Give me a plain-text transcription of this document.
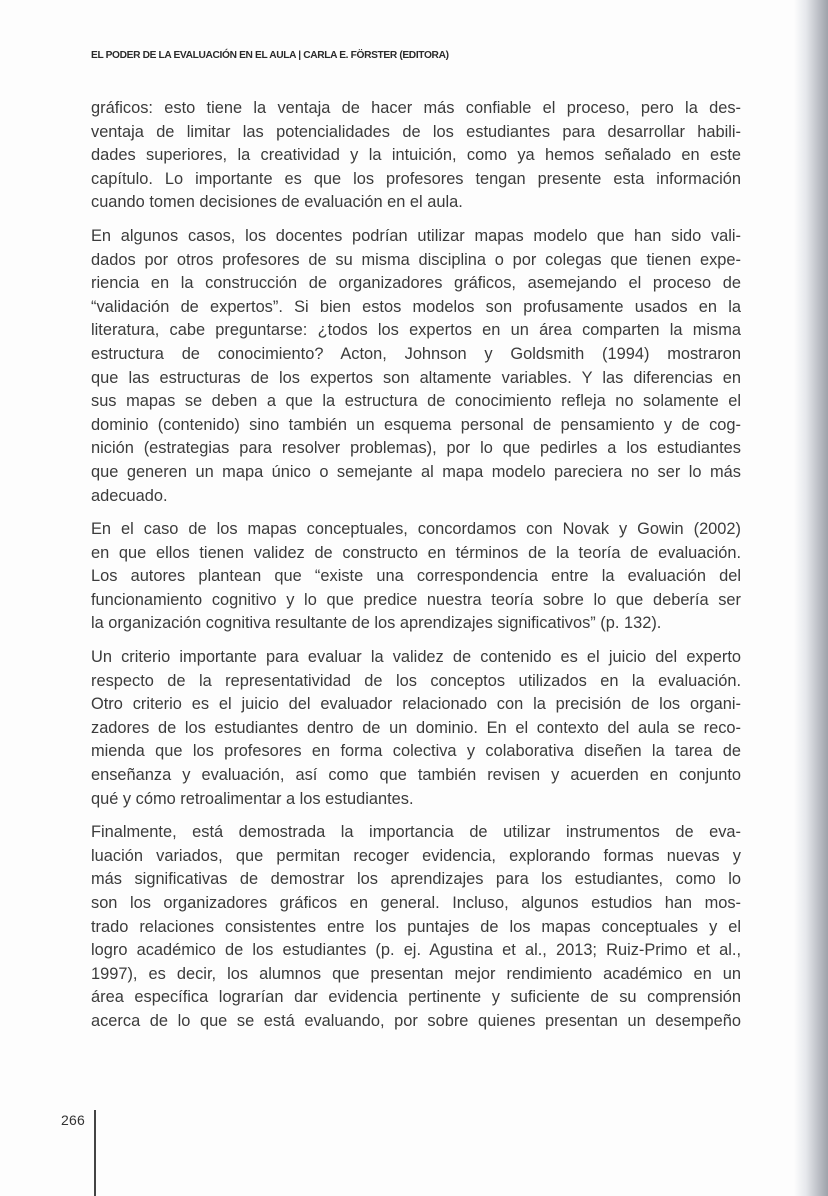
EL PODER DE LA EVALUACIÓN EN EL AULA | CARLA E. FÖRSTER (EDITORA)
gráficos: esto tiene la ventaja de hacer más confiable el proceso, pero la des-
ventaja de limitar las potencialidades de los estudiantes para desarrollar habili-
dades superiores, la creatividad y la intuición, como ya hemos señalado en este
capítulo. Lo importante es que los profesores tengan presente esta información
cuando tomen decisiones de evaluación en el aula.
En algunos casos, los docentes podrían utilizar mapas modelo que han sido vali-
dados por otros profesores de su misma disciplina o por colegas que tienen expe-
riencia en la construcción de organizadores gráficos, asemejando el proceso de
“validación de expertos”. Si bien estos modelos son profusamente usados en la
literatura, cabe preguntarse: ¿todos los expertos en un área comparten la misma
estructura de conocimiento? Acton, Johnson y Goldsmith (1994) mostraron
que las estructuras de los expertos son altamente variables. Y las diferencias en
sus mapas se deben a que la estructura de conocimiento refleja no solamente el
dominio (contenido) sino también un esquema personal de pensamiento y de cog-
nición (estrategias para resolver problemas), por lo que pedirles a los estudiantes
que generen un mapa único o semejante al mapa modelo pareciera no ser lo más
adecuado.
En el caso de los mapas conceptuales, concordamos con Novak y Gowin (2002)
en que ellos tienen validez de constructo en términos de la teoría de evaluación.
Los autores plantean que “existe una correspondencia entre la evaluación del
funcionamiento cognitivo y lo que predice nuestra teoría sobre lo que debería ser
la organización cognitiva resultante de los aprendizajes significativos” (p. 132).
Un criterio importante para evaluar la validez de contenido es el juicio del experto
respecto de la representatividad de los conceptos utilizados en la evaluación.
Otro criterio es el juicio del evaluador relacionado con la precisión de los organi-
zadores de los estudiantes dentro de un dominio. En el contexto del aula se reco-
mienda que los profesores en forma colectiva y colaborativa diseñen la tarea de
enseñanza y evaluación, así como que también revisen y acuerden en conjunto
qué y cómo retroalimentar a los estudiantes.
Finalmente, está demostrada la importancia de utilizar instrumentos de eva-
luación variados, que permitan recoger evidencia, explorando formas nuevas y
más significativas de demostrar los aprendizajes para los estudiantes, como lo
son los organizadores gráficos en general. Incluso, algunos estudios han mos-
trado relaciones consistentes entre los puntajes de los mapas conceptuales y el
logro académico de los estudiantes (p. ej. Agustina et al., 2013; Ruiz-Primo et al.,
1997), es decir, los alumnos que presentan mejor rendimiento académico en un
área específica lograrían dar evidencia pertinente y suficiente de su comprensión
acerca de lo que se está evaluando, por sobre quienes presentan un desempeño
266
